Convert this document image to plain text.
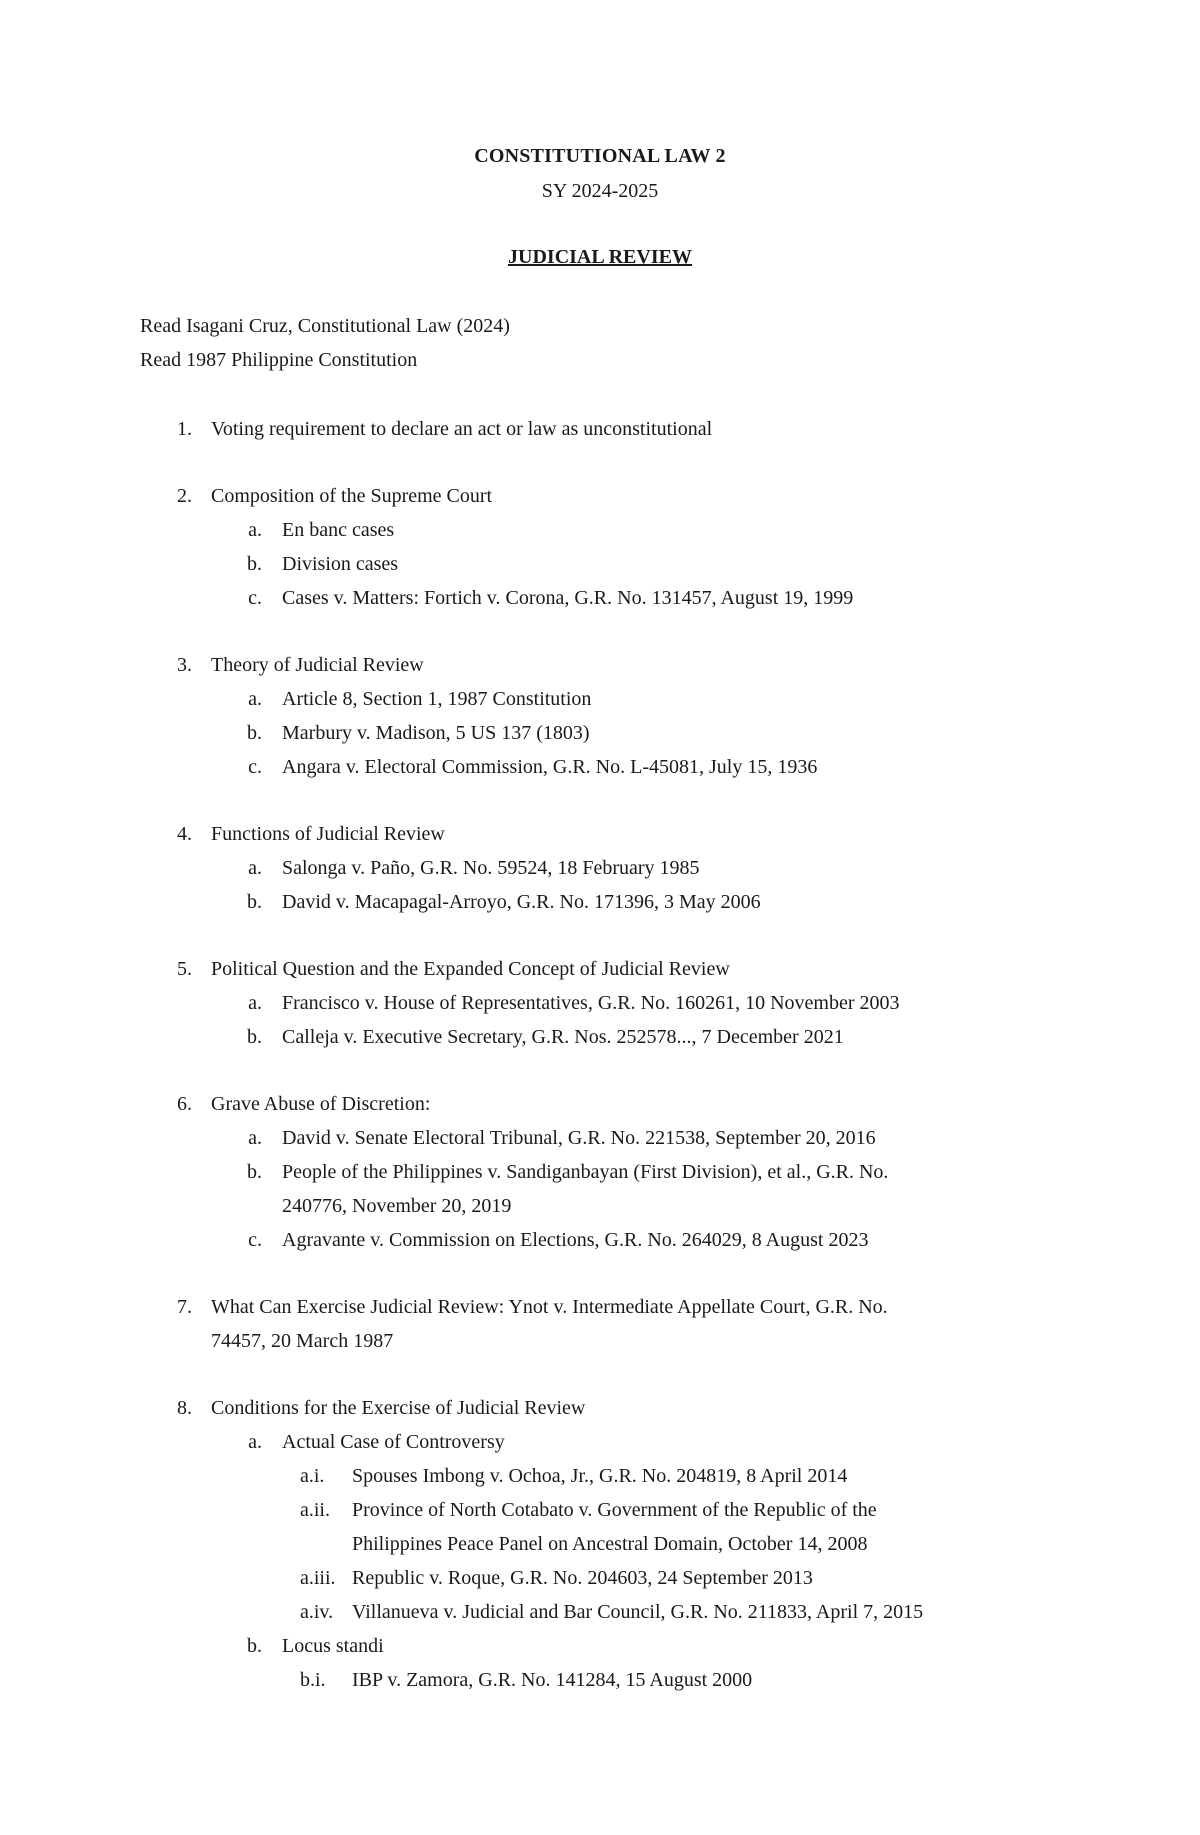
CONSTITUTIONAL LAW 2
SY 2024-2025
JUDICIAL REVIEW
Read Isagani Cruz, Constitutional Law (2024)
Read 1987 Philippine Constitution
1. Voting requirement to declare an act or law as unconstitutional
2. Composition of the Supreme Court
a. En banc cases
b. Division cases
c. Cases v. Matters: Fortich v. Corona, G.R. No. 131457, August 19, 1999
3. Theory of Judicial Review
a. Article 8, Section 1, 1987 Constitution
b. Marbury v. Madison, 5 US 137 (1803)
c. Angara v. Electoral Commission, G.R. No. L-45081, July 15, 1936
4. Functions of Judicial Review
a. Salonga v. Paño, G.R. No. 59524, 18 February 1985
b. David v. Macapagal-Arroyo, G.R. No. 171396, 3 May 2006
5. Political Question and the Expanded Concept of Judicial Review
a. Francisco v. House of Representatives, G.R. No. 160261, 10 November 2003
b. Calleja v. Executive Secretary, G.R. Nos. 252578..., 7 December 2021
6. Grave Abuse of Discretion:
a. David v. Senate Electoral Tribunal, G.R. No. 221538, September 20, 2016
b. People of the Philippines v. Sandiganbayan (First Division), et al., G.R. No.
240776, November 20, 2019
c. Agravante v. Commission on Elections, G.R. No. 264029, 8 August 2023
7. What Can Exercise Judicial Review: Ynot v. Intermediate Appellate Court, G.R. No.
74457, 20 March 1987
8. Conditions for the Exercise of Judicial Review
a. Actual Case of Controversy
a.i.	Spouses Imbong v. Ochoa, Jr., G.R. No. 204819, 8 April 2014
a.ii.	Province of North Cotabato v. Government of the Republic of the
Philippines Peace Panel on Ancestral Domain, October 14, 2008
a.iii. Republic v. Roque, G.R. No. 204603, 24 September 2013
a.iv. Villanueva v. Judicial and Bar Council, G.R. No. 211833, April 7, 2015
b. Locus standi
b.i.	IBP v. Zamora, G.R. No. 141284, 15 August 2000
